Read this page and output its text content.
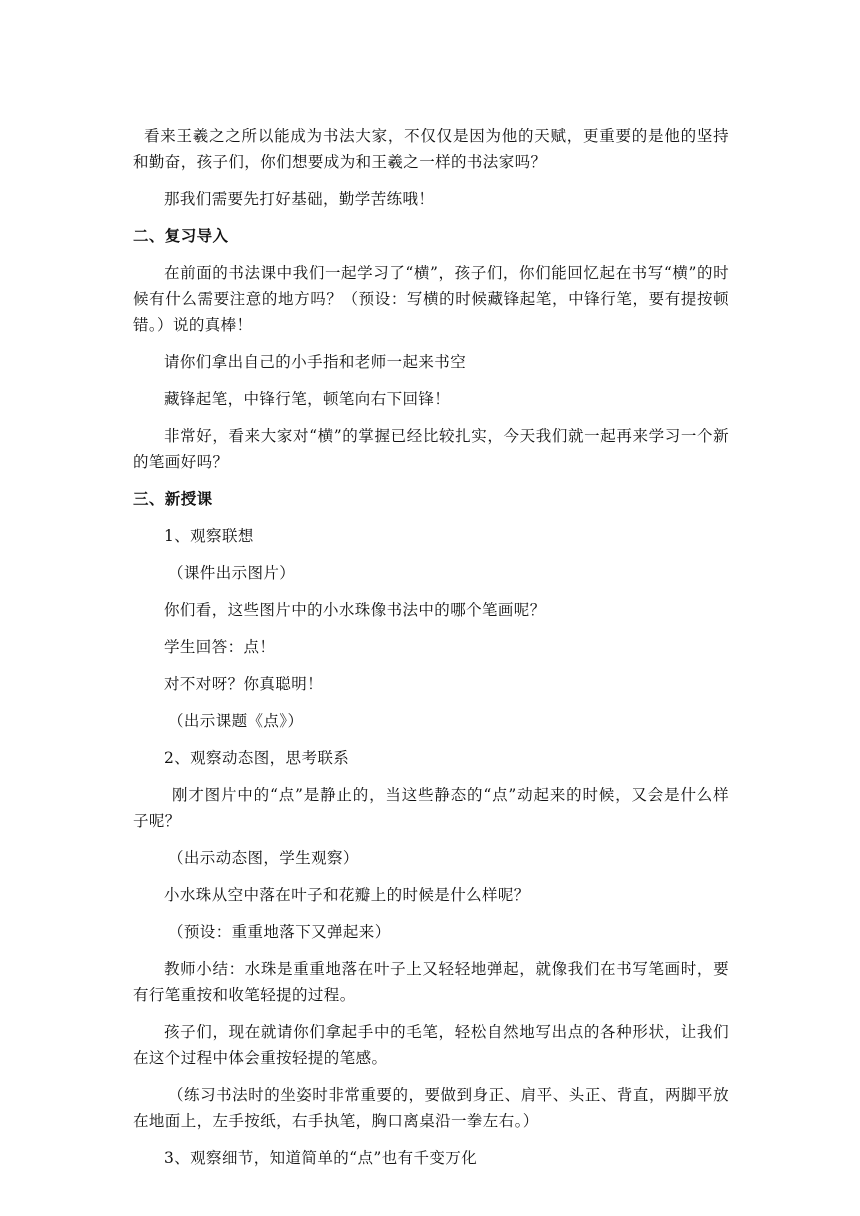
看来王羲之之所以能成为书法大家，不仅仅是因为他的天赋，更重要的是他的坚持和勤奋，孩子们，你们想要成为和王羲之一样的书法家吗？

那我们需要先打好基础，勤学苦练哦！

二、复习导入

在前面的书法课中我们一起学习了“横”，孩子们，你们能回忆起在书写“横”的时候有什么需要注意的地方吗？（预设：写横的时候藏锋起笔，中锋行笔，要有提按顿错。）说的真棒！

请你们拿出自己的小手指和老师一起来书空

藏锋起笔，中锋行笔，顿笔向右下回锋！

非常好，看来大家对“横”的掌握已经比较扎实，今天我们就一起再来学习一个新的笔画好吗？

三、新授课

1、观察联想

（课件出示图片）

你们看，这些图片中的小水珠像书法中的哪个笔画呢？

学生回答：点！

对不对呀？你真聪明！

（出示课题《点》）

2、观察动态图，思考联系

刚才图片中的“点”是静止的，当这些静态的“点”动起来的时候，又会是什么样子呢？

（出示动态图，学生观察）

小水珠从空中落在叶子和花瓣上的时候是什么样呢？

（预设：重重地落下又弹起来）

教师小结：水珠是重重地落在叶子上又轻轻地弹起，就像我们在书写笔画时，要有行笔重按和收笔轻提的过程。

孩子们，现在就请你们拿起手中的毛笔，轻松自然地写出点的各种形状，让我们在这个过程中体会重按轻提的笔感。

（练习书法时的坐姿时非常重要的，要做到身正、肩平、头正、背直，两脚平放在地面上，左手按纸，右手执笔，胸口离桌沿一拳左右。）

3、观察细节，知道简单的“点”也有千变万化
